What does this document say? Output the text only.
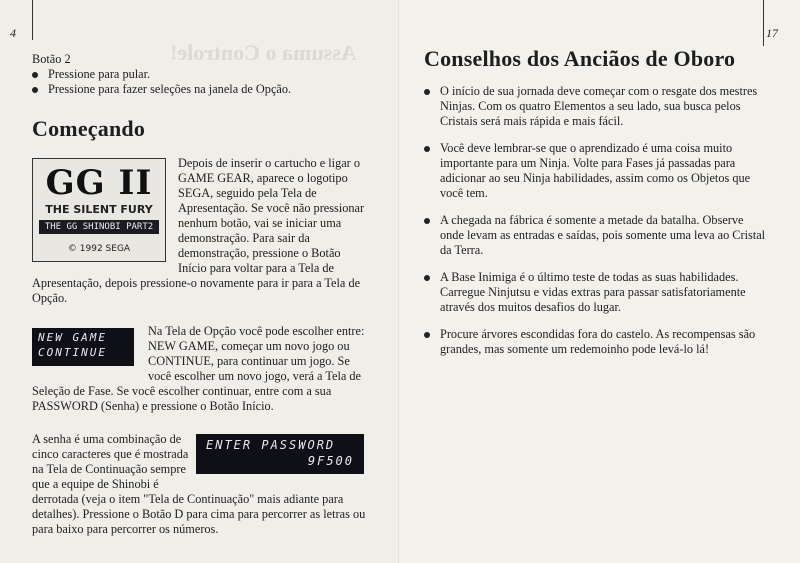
Assuma o Controle!
4
Botão 2
Pressione para pular.
Pressione para fazer seleções na janela de Opção.
Começando
GG II
THE SILENT FURY
THE GG SHINOBI PART2
© 1992 SEGA
Depois de inserir o cartucho e ligar o GAME GEAR, aparece o logotipo SEGA, seguido pela Tela de Apresentação. Se você não pressionar nenhum botão, vai se iniciar uma demonstração. Para sair da demonstração, pressione o Botão Início para voltar para a Tela de Apresentação, depois pressione-o novamente para ir para a Tela de Opção.
NEW GAME
CONTINUE
Na Tela de Opção você pode escolher entre: NEW GAME, começar um novo jogo ou CONTINUE, para continuar um jogo. Se você escolher um novo jogo, verá a Tela de Seleção de Fase. Se você escolher continuar, entre com a sua PASSWORD (Senha) e pressione o Botão Início.
ENTER PASSWORD
9F500
A senha é uma combinação de cinco caracteres que é mostrada na Tela de Continuação sempre que a equipe de Shinobi é derrotada (veja o item "Tela de Continuação" mais adiante para detalhes). Pressione o Botão D para cima para percorrer as letras ou para baixo para percorrer os números.
17
Conselhos dos Anciãos de Oboro
O início de sua jornada deve começar com o resgate dos mestres Ninjas. Com os quatro Elementos a seu lado, sua busca pelos Cristais será mais rápida e mais fácil.
Você deve lembrar-se que o aprendizado é uma coisa muito importante para um Ninja. Volte para Fases já passadas para adicionar ao seu Ninja habilidades, assim como os Objetos que você tem.
A chegada na fábrica é somente a metade da batalha. Observe onde levam as entradas e saídas, pois somente uma leva ao Cristal da Terra.
A Base Inimiga é o último teste de todas as suas habilidades. Carregue Ninjutsu e vidas extras para passar satisfatoriamente através dos muitos desafios do lugar.
Procure árvores escondidas fora do castelo. As recompensas são grandes, mas somente um redemoinho pode levá-lo lá!
